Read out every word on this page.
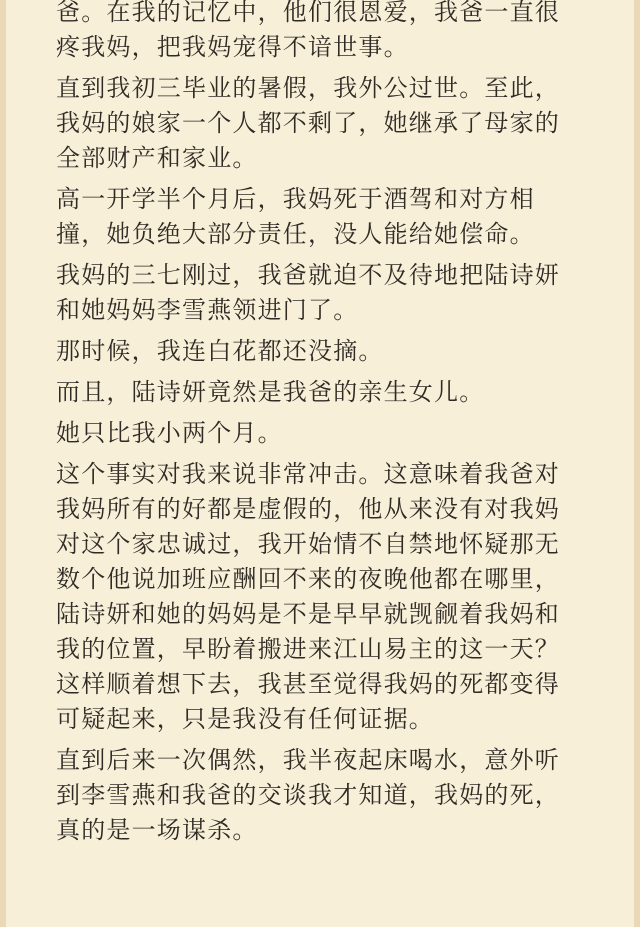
爸。在我的记忆中，他们很恩爱，我爸一直很
疼我妈，把我妈宠得不谙世事。
直到我初三毕业的暑假，我外公过世。至此，
我妈的娘家一个人都不剩了，她继承了母家的
全部财产和家业。
高一开学半个月后，我妈死于酒驾和对方相
撞，她负绝大部分责任，没人能给她偿命。
我妈的三七刚过，我爸就迫不及待地把陆诗妍
和她妈妈李雪燕领进门了。
那时候，我连白花都还没摘。
而且，陆诗妍竟然是我爸的亲生女儿。
她只比我小两个月。
这个事实对我来说非常冲击。这意味着我爸对
我妈所有的好都是虚假的，他从来没有对我妈
对这个家忠诚过，我开始情不自禁地怀疑那无
数个他说加班应酬回不来的夜晚他都在哪里，
陆诗妍和她的妈妈是不是早早就觊觎着我妈和
我的位置，早盼着搬进来江山易主的这一天？
这样顺着想下去，我甚至觉得我妈的死都变得
可疑起来，只是我没有任何证据。
直到后来一次偶然，我半夜起床喝水，意外听
到李雪燕和我爸的交谈我才知道，我妈的死，
真的是一场谋杀。
